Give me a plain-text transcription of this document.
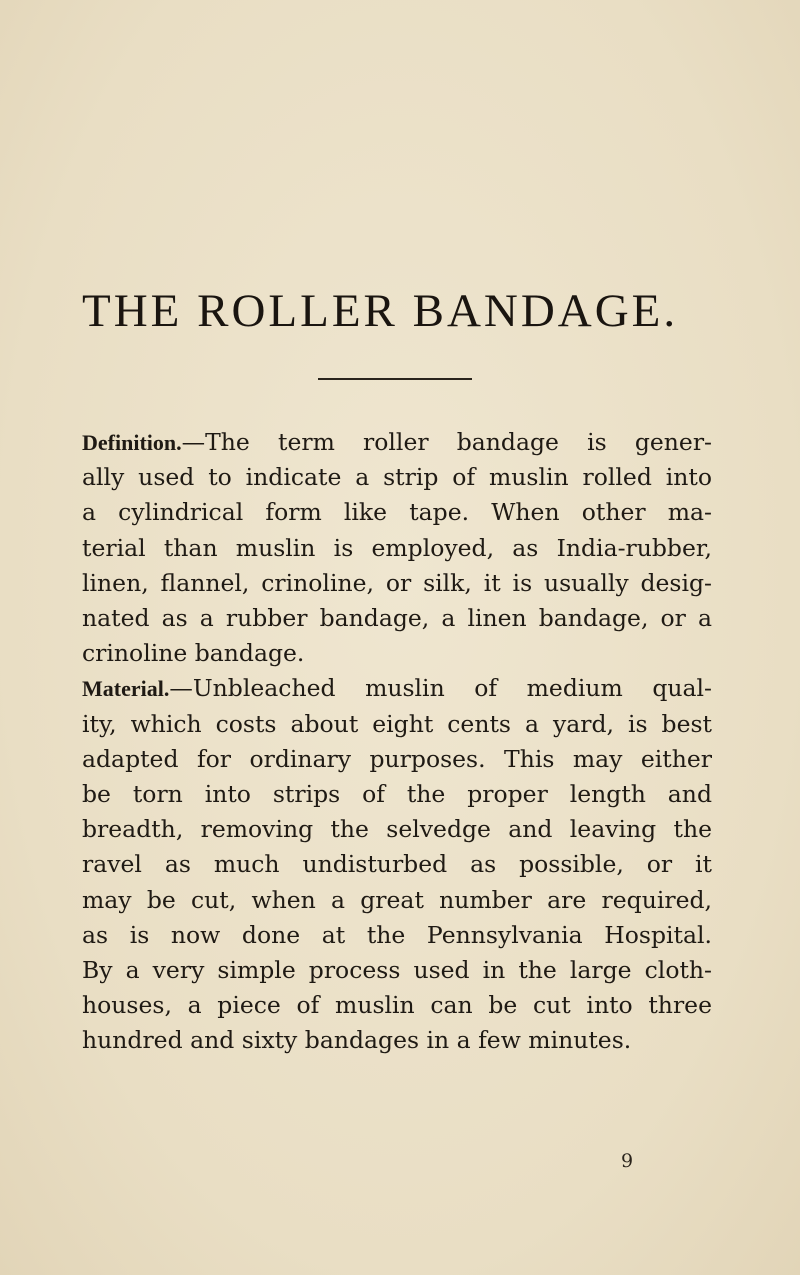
THE ROLLER BANDAGE.
Definition.—The term roller bandage is gener-
ally used to indicate a strip of muslin rolled into
a cylindrical form like tape. When other ma-
terial than muslin is employed, as India-rubber,
linen, flannel, crinoline, or silk, it is usually desig-
nated as a rubber bandage, a linen bandage, or a
crinoline bandage.
Material.—Unbleached muslin of medium qual-
ity, which costs about eight cents a yard, is best
adapted for ordinary purposes. This may either
be torn into strips of the proper length and
breadth, removing the selvedge and leaving the
ravel as much undisturbed as possible, or it
may be cut, when a great number are required,
as is now done at the Pennsylvania Hospital.
By a very simple process used in the large cloth-
houses, a piece of muslin can be cut into three
hundred and sixty bandages in a few minutes.
9
